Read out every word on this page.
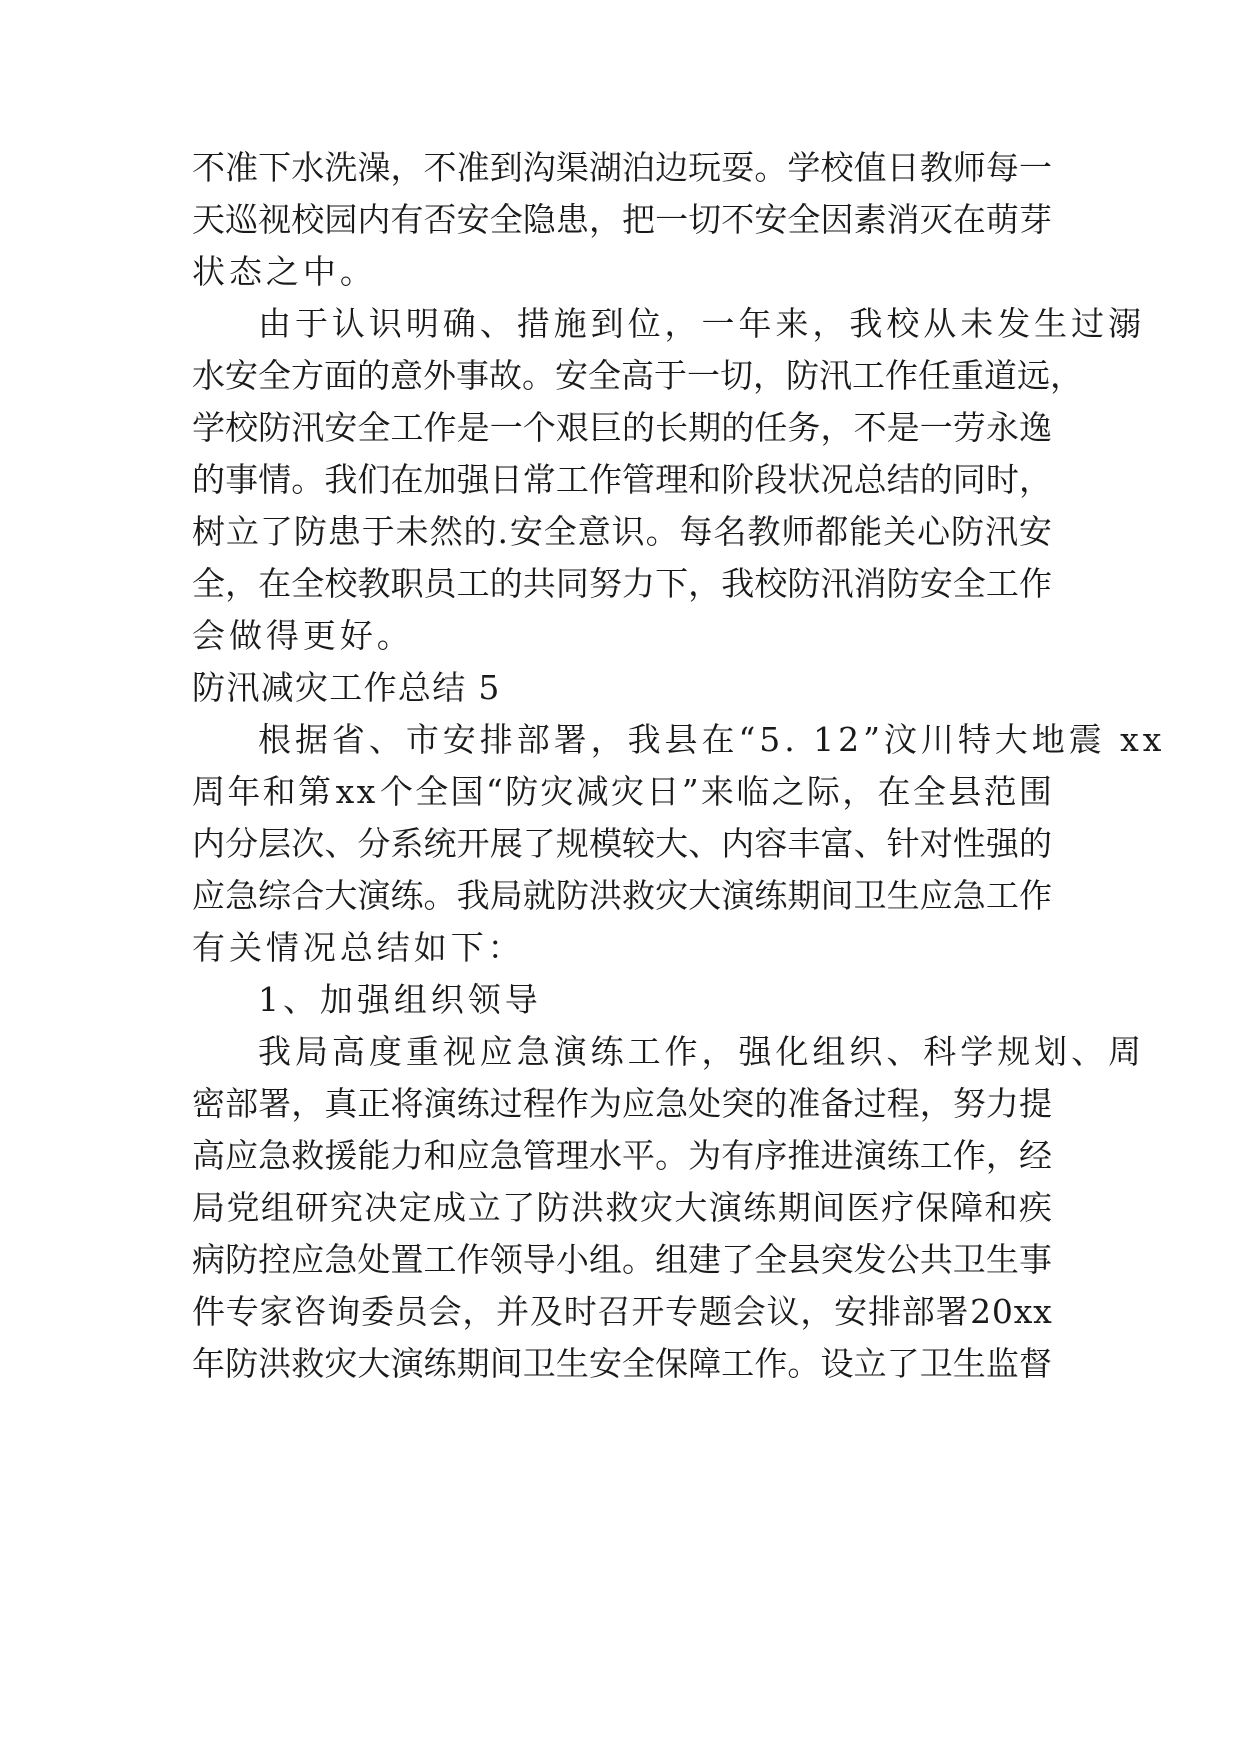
不 准 下 水 洗 澡 ， 不 准 到 沟 渠 湖 泊 边 玩 耍 。 学 校 值 日 教 师 每 一
天 巡 视 校 园 内 有 否 安 全 隐 患 ， 把 一 切 不 安 全 因 素 消 灭 在 萌 芽
状态之中。
由于认识明确、措施到位，一年来，我校从未发生过溺
水 安 全 方 面 的 意 外 事 故 。 安 全 高 于 一 切 ， 防 汛 工 作 任 重 道 远 ，
学 校 防 汛 安 全 工 作 是 一 个 艰 巨 的 长 期 的 任 务 ， 不 是 一 劳 永 逸
的 事 情 。 我 们 在 加 强 日 常 工 作 管 理 和 阶 段 状 况 总 结 的 同 时 ，
树 立 了 防 患 于 未 然 的 . 安 全 意 识 。 每 名 教 师 都 能 关 心 防 汛 安
全 ， 在 全 校 教 职 员 工 的 共 同 努 力 下 ， 我 校 防 汛 消 防 安 全 工 作
会做得更好。
防汛减灾工作总结 5
根据省、市安排部署，我县在“5. 12”汶川特大地震 xx
周 年 和 第 x x 个 全 国 “ 防 灾 减 灾 日 ” 来 临 之 际 ， 在 全 县 范 围
内 分 层 次 、 分 系 统 开 展 了 规 模 较 大 、 内 容 丰 富 、 针 对 性 强 的
应 急 综 合 大 演 练 。 我 局 就 防 洪 救 灾 大 演 练 期 间 卫 生 应 急 工 作
有关情况总结如下：
1、加强组织领导
我局高度重视应急演练工作，强化组织、科学规划、周
密 部 署 ， 真 正 将 演 练 过 程 作 为 应 急 处 突 的 准 备 过 程 ， 努 力 提
高 应 急 救 援 能 力 和 应 急 管 理 水 平 。 为 有 序 推 进 演 练 工 作 ， 经
局 党 组 研 究 决 定 成 立 了 防 洪 救 灾 大 演 练 期 间 医 疗 保 障 和 疾
病 防 控 应 急 处 置 工 作 领 导 小 组 。 组 建 了 全 县 突 发 公 共 卫 生 事
件 专 家 咨 询 委 员 会 ， 并 及 时 召 开 专 题 会 议 ， 安 排 部 署 2 0 x x
年 防 洪 救 灾 大 演 练 期 间 卫 生 安 全 保 障 工 作 。 设 立 了 卫 生 监 督
